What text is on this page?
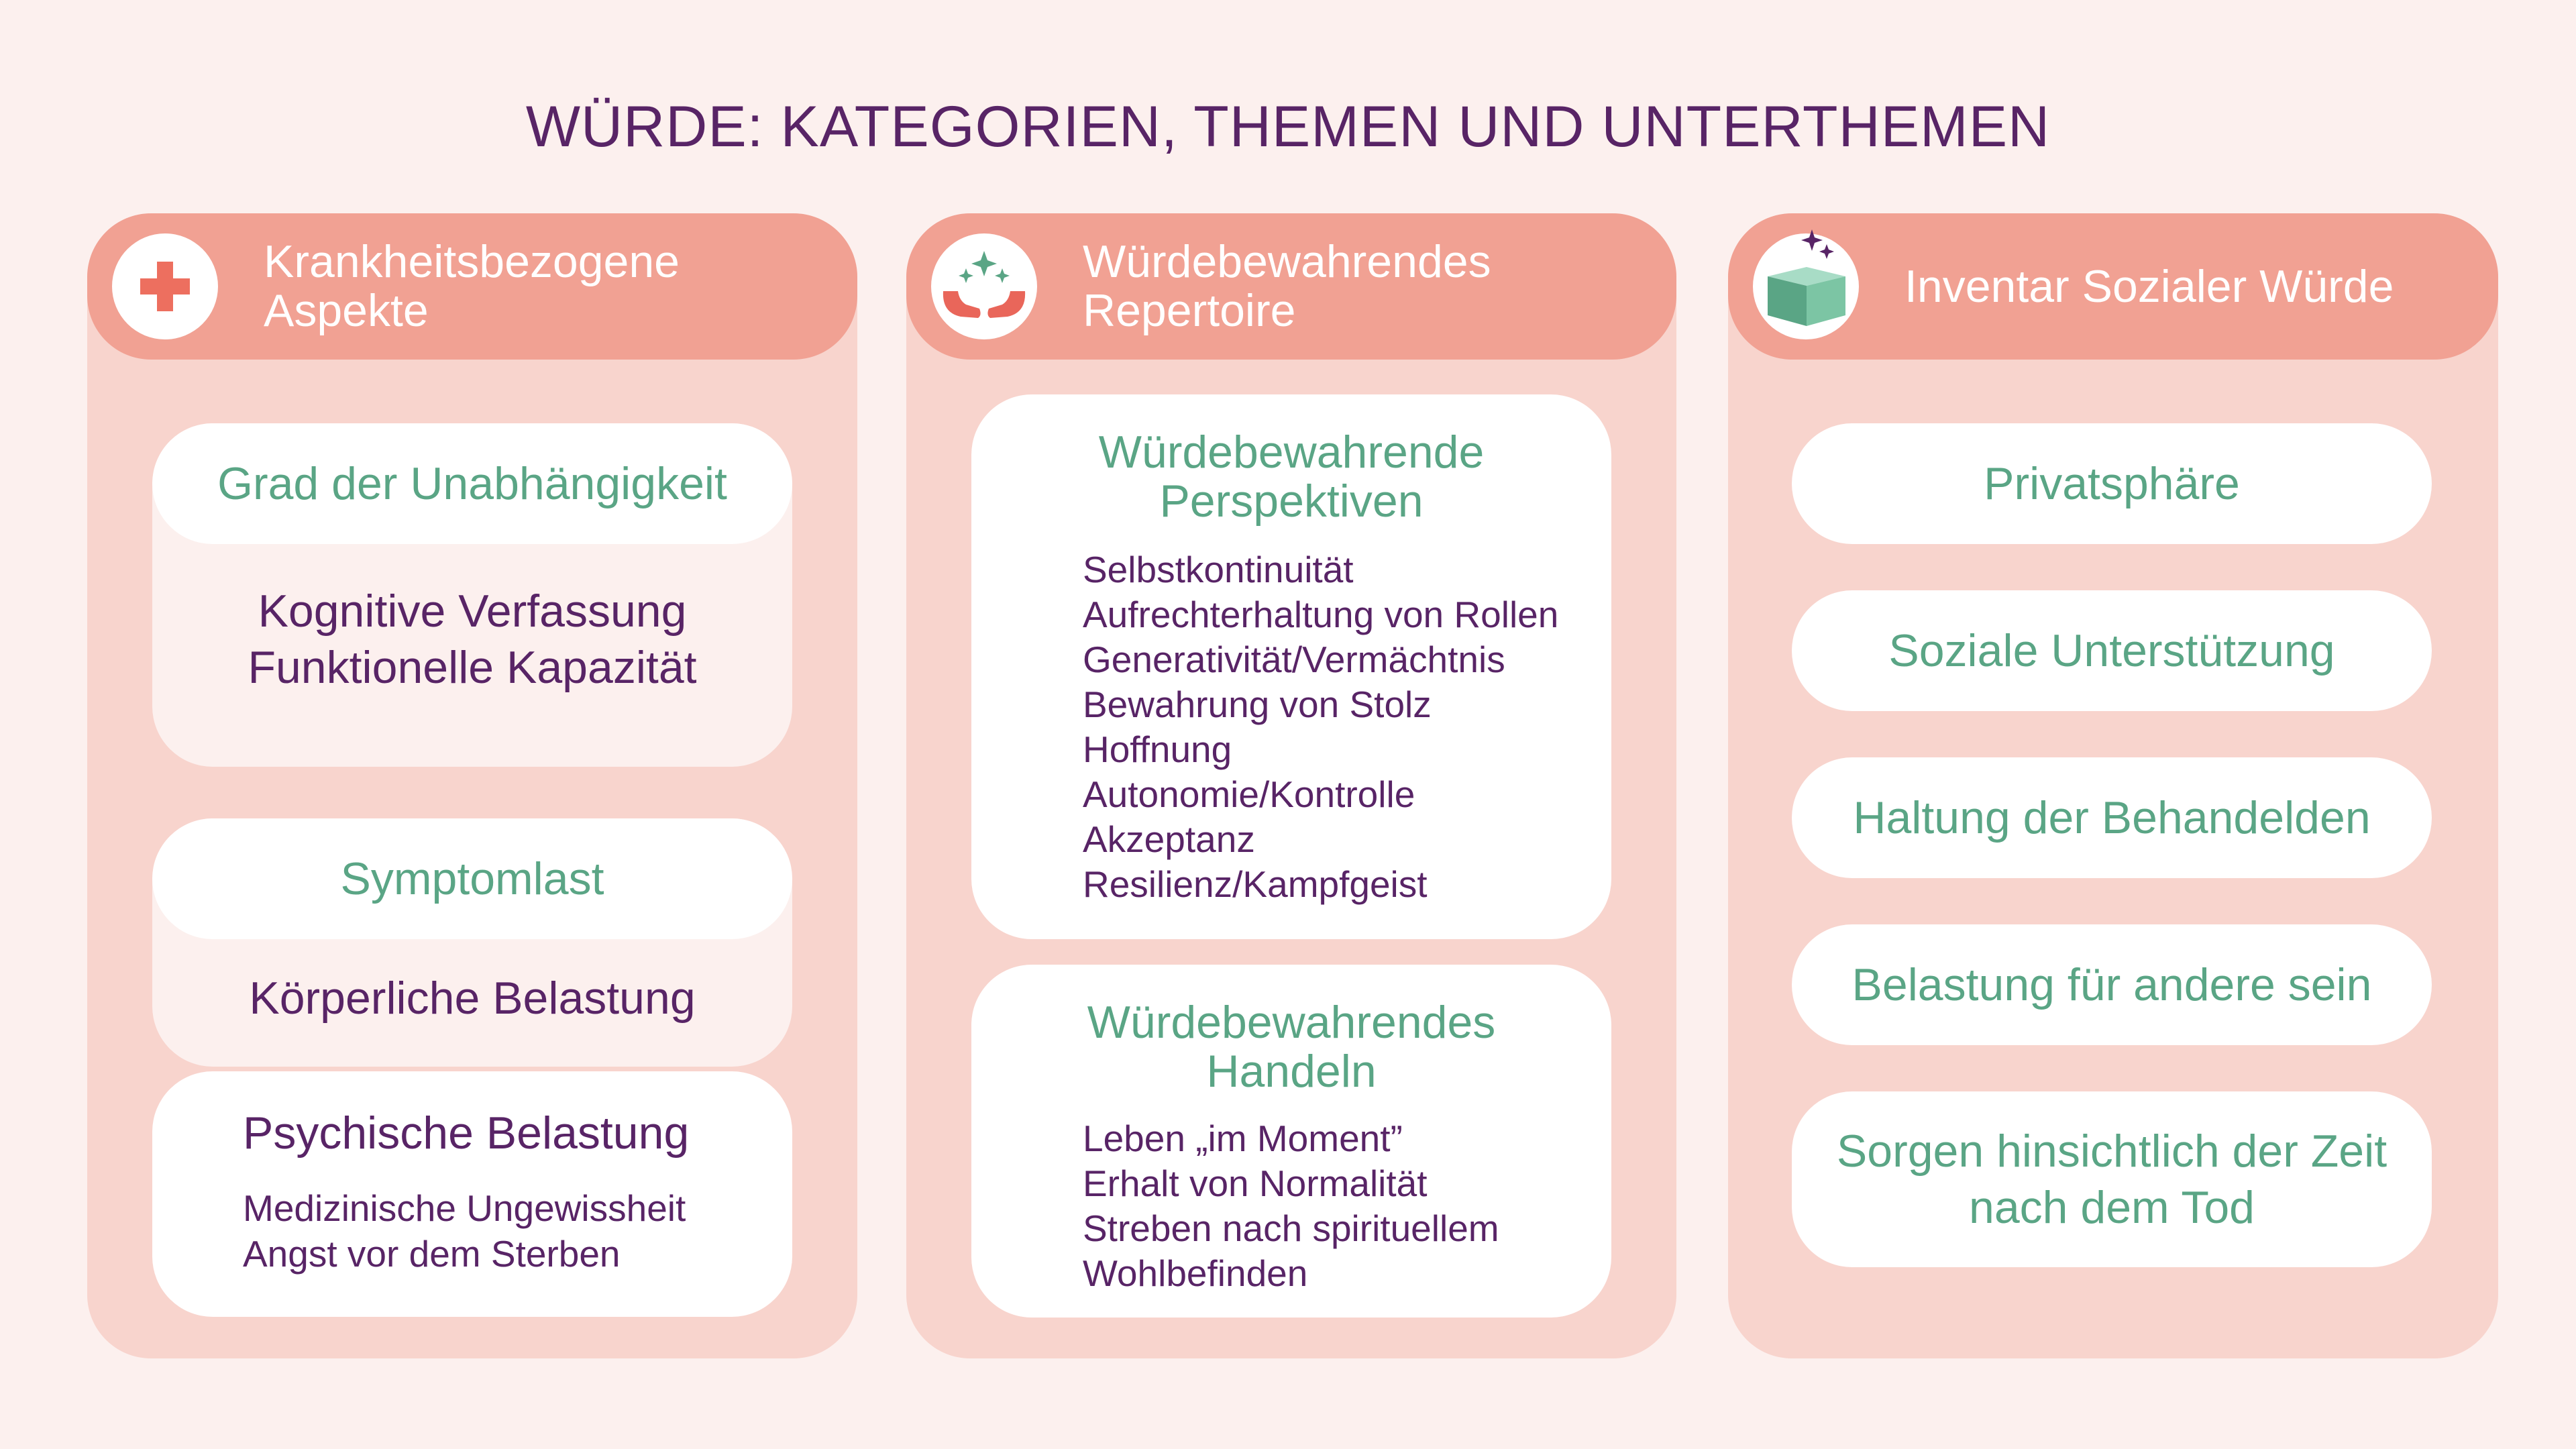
WÜRDE: KATEGORIEN, THEMEN UND UNTERTHEMEN
Krankheitsbezogene
Aspekte
Grad der Unabhängigkeit
Kognitive Verfassung
Funktionelle Kapazität
Symptomlast
Körperliche Belastung
Psychische Belastung
Medizinische Ungewissheit
Angst vor dem Sterben
Würdebewahrendes
Repertoire
Würdebewahrende
Perspektiven
Selbstkontinuität
Aufrechterhaltung von Rollen
Generativität/Vermächtnis
Bewahrung von Stolz
Hoffnung
Autonomie/Kontrolle
Akzeptanz
Resilienz/Kampfgeist
Würdebewahrendes
Handeln
Leben „im Moment”
Erhalt von Normalität
Streben nach spirituellem
Wohlbefinden
Inventar Sozialer Würde
Privatsphäre
Soziale Unterstützung
Haltung der Behandelden
Belastung für andere sein
Sorgen hinsichtlich der Zeit
nach dem Tod
